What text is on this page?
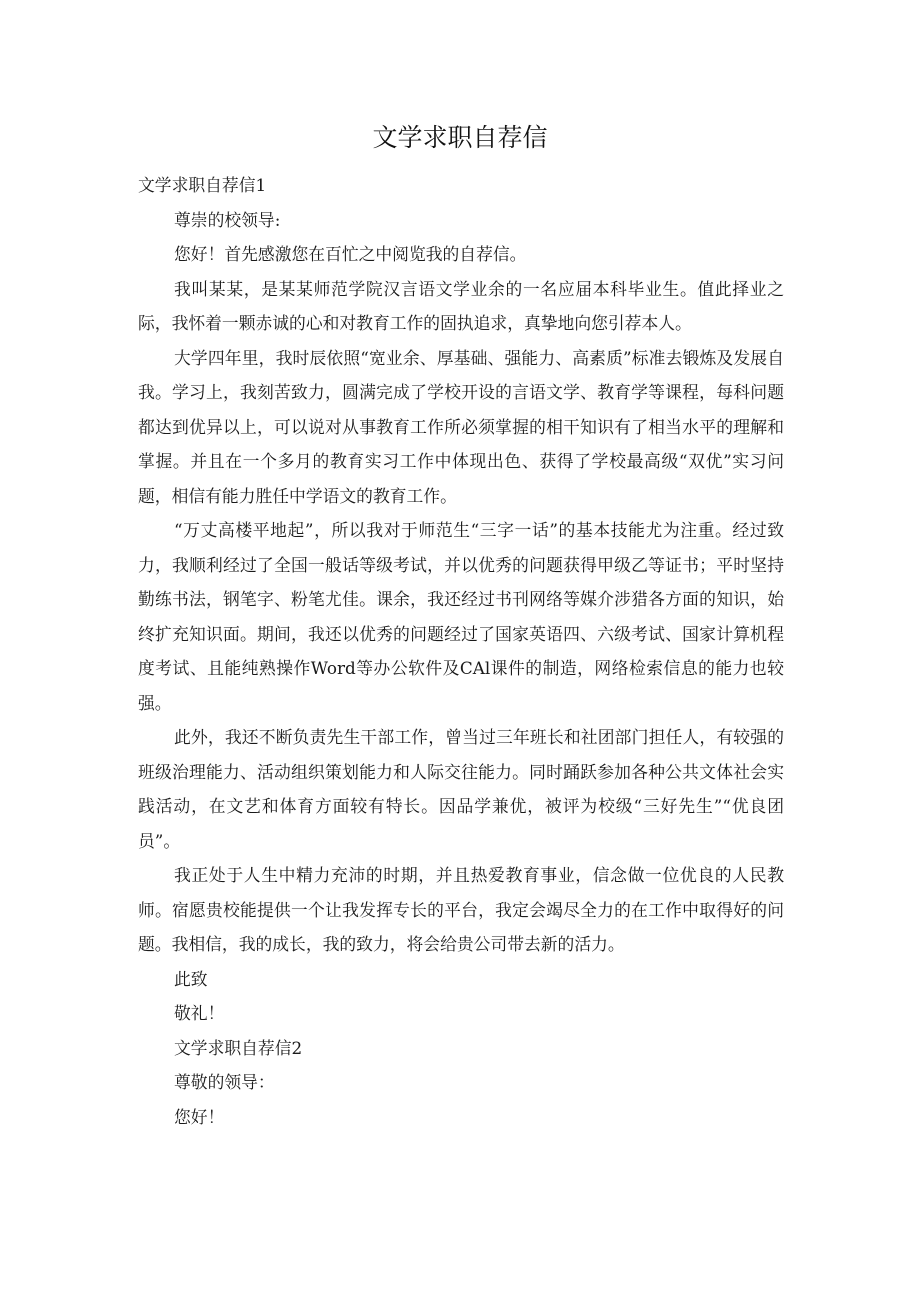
文学求职自荐信

文学求职自荐信1

尊崇的校领导:

您好！首先感激您在百忙之中阅览我的自荐信。

我叫某某，是某某师范学院汉言语文学业余的一名应届本科毕业生。值此择业之际，我怀着一颗赤诚的心和对教育工作的固执追求，真挚地向您引荐本人。

大学四年里，我时辰依照“宽业余、厚基础、强能力、高素质”标准去锻炼及发展自我。学习上，我刻苦致力，圆满完成了学校开设的言语文学、教育学等课程，每科问题都达到优异以上，可以说对从事教育工作所必须掌握的相干知识有了相当水平的理解和掌握。并且在一个多月的教育实习工作中体现出色、获得了学校最高级“双优”实习问题，相信有能力胜任中学语文的教育工作。

“万丈高楼平地起”，所以我对于师范生“三字一话”的基本技能尤为注重。经过致力，我顺利经过了全国一般话等级考试，并以优秀的问题获得甲级乙等证书；平时坚持勤练书法，钢笔字、粉笔尤佳。课余，我还经过书刊网络等媒介涉猎各方面的知识，始终扩充知识面。期间，我还以优秀的问题经过了国家英语四、六级考试、国家计算机程度考试、且能纯熟操作Word等办公软件及CAl课件的制造，网络检索信息的能力也较强。

此外，我还不断负责先生干部工作，曾当过三年班长和社团部门担任人，有较强的班级治理能力、活动组织策划能力和人际交往能力。同时踊跃参加各种公共文体社会实践活动，在文艺和体育方面较有特长。因品学兼优，被评为校级“三好先生”“优良团员”。

我正处于人生中精力充沛的时期，并且热爱教育事业，信念做一位优良的人民教师。宿愿贵校能提供一个让我发挥专长的平台，我定会竭尽全力的在工作中取得好的问题。我相信，我的成长，我的致力，将会给贵公司带去新的活力。

此致

敬礼！

文学求职自荐信2

尊敬的领导：

您好！
